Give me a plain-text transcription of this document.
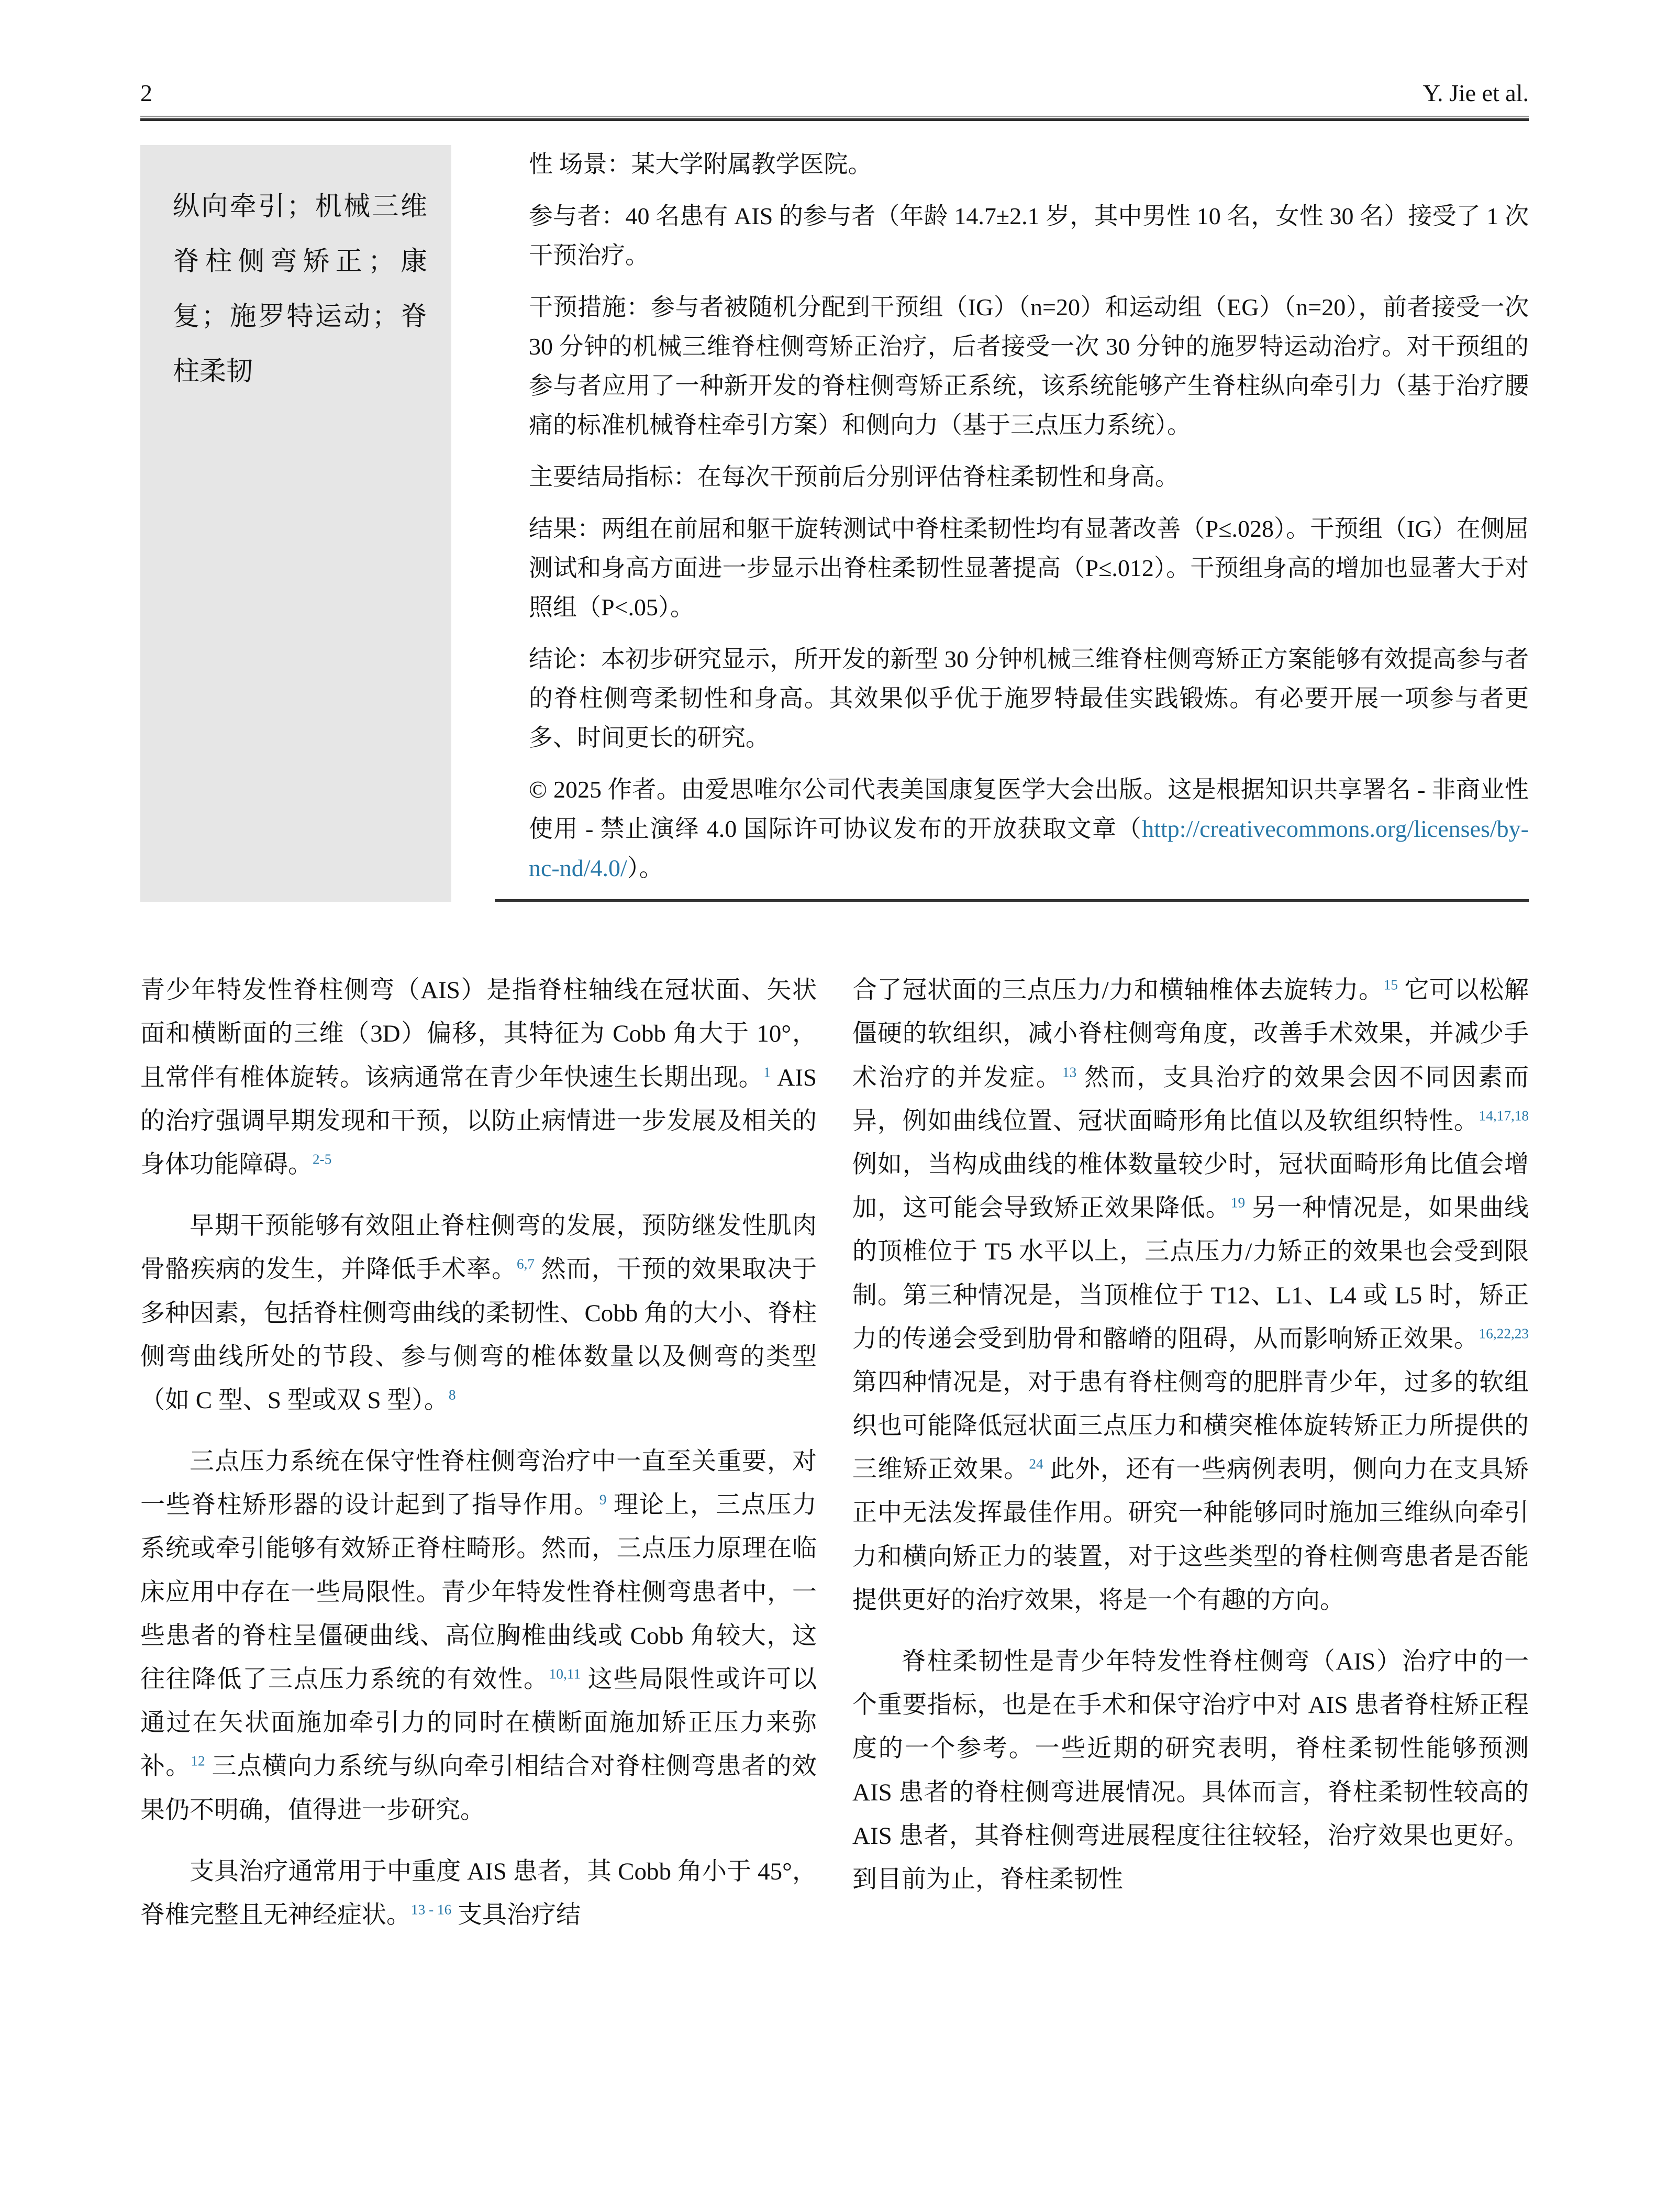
2	Y. Jie et al.

纵向牵引；机械三维脊柱侧弯矫正；康复；施罗特运动；脊柱柔韧

性 场景：某大学附属教学医院。

参与者：40 名患有 AIS 的参与者（年龄 14.7±2.1 岁，其中男性 10 名，女性 30 名）接受了 1 次干预治疗。

干预措施：参与者被随机分配到干预组（IG）（n=20）和运动组（EG）（n=20），前者接受一次 30 分钟的机械三维脊柱侧弯矫正治疗，后者接受一次 30 分钟的施罗特运动治疗。对干预组的参与者应用了一种新开发的脊柱侧弯矫正系统，该系统能够产生脊柱纵向牵引力（基于治疗腰痛的标准机械脊柱牵引方案）和侧向力（基于三点压力系统）。

主要结局指标：在每次干预前后分别评估脊柱柔韧性和身高。

结果：两组在前屈和躯干旋转测试中脊柱柔韧性均有显著改善（P≤.028）。干预组（IG）在侧屈测试和身高方面进一步显示出脊柱柔韧性显著提高（P≤.012）。干预组身高的增加也显著大于对照组（P<.05）。

结论：本初步研究显示，所开发的新型 30 分钟机械三维脊柱侧弯矫正方案能够有效提高参与者的脊柱侧弯柔韧性和身高。其效果似乎优于施罗特最佳实践锻炼。有必要开展一项参与者更多、时间更长的研究。

© 2025 作者。由爱思唯尔公司代表美国康复医学大会出版。这是根据知识共享署名 - 非商业性使用 - 禁止演绎 4.0 国际许可协议发布的开放获取文章（http://creativecommons.org/licenses/by-nc-nd/4.0/）。

青少年特发性脊柱侧弯（AIS）是指脊柱轴线在冠状面、矢状面和横断面的三维（3D）偏移，其特征为 Cobb 角大于 10°，且常伴有椎体旋转。该病通常在青少年快速生长期出现。$^1$ AIS 的治疗强调早期发现和干预，以防止病情进一步发展及相关的身体功能障碍。$^{2-5}$

早期干预能够有效阻止脊柱侧弯的发展，预防继发性肌肉骨骼疾病的发生，并降低手术率。$^{6,7}$ 然而，干预的效果取决于多种因素，包括脊柱侧弯曲线的柔韧性、Cobb 角的大小、脊柱侧弯曲线所处的节段、参与侧弯的椎体数量以及侧弯的类型（如 C 型、S 型或双 S 型）。$^8$

三点压力系统在保守性脊柱侧弯治疗中一直至关重要，对一些脊柱矫形器的设计起到了指导作用。$^9$ 理论上，三点压力系统或牵引能够有效矫正脊柱畸形。然而，三点压力原理在临床应用中存在一些局限性。青少年特发性脊柱侧弯患者中，一些患者的脊柱呈僵硬曲线、高位胸椎曲线或 Cobb 角较大，这往往降低了三点压力系统的有效性。$^{10,11}$ 这些局限性或许可以通过在矢状面施加牵引力的同时在横断面施加矫正压力来弥补。$^{12}$ 三点横向力系统与纵向牵引相结合对脊柱侧弯患者的效果仍不明确，值得进一步研究。

支具治疗通常用于中重度 AIS 患者，其 Cobb 角小于 45°，脊椎完整且无神经症状。$^{13 - 16}$ 支具治疗结

合了冠状面的三点压力/力和横轴椎体去旋转力。$^{15}$ 它可以松解僵硬的软组织，减小脊柱侧弯角度，改善手术效果，并减少手术治疗的并发症。$^{13}$ 然而，支具治疗的效果会因不同因素而异，例如曲线位置、冠状面畸形角比值以及软组织特性。$^{14,17,18}$ 例如，当构成曲线的椎体数量较少时，冠状面畸形角比值会增加，这可能会导致矫正效果降低。$^{19}$ 另一种情况是，如果曲线的顶椎位于 T5 水平以上，三点压力/力矫正的效果也会受到限制。第三种情况是，当顶椎位于 T12、L1、L4 或 L5 时，矫正力的传递会受到肋骨和髂嵴的阻碍，从而影响矫正效果。$^{16,22,23}$ 第四种情况是，对于患有脊柱侧弯的肥胖青少年，过多的软组织也可能降低冠状面三点压力和横突椎体旋转矫正力所提供的三维矫正效果。$^{24}$ 此外，还有一些病例表明，侧向力在支具矫正中无法发挥最佳作用。研究一种能够同时施加三维纵向牵引力和横向矫正力的装置，对于这些类型的脊柱侧弯患者是否能提供更好的治疗效果，将是一个有趣的方向。

脊柱柔韧性是青少年特发性脊柱侧弯（AIS）治疗中的一个重要指标，也是在手术和保守治疗中对 AIS 患者脊柱矫正程度的一个参考。一些近期的研究表明，脊柱柔韧性能够预测 AIS 患者的脊柱侧弯进展情况。具体而言，脊柱柔韧性较高的 AIS 患者，其脊柱侧弯进展程度往往较轻，治疗效果也更好。到目前为止，脊柱柔韧性
